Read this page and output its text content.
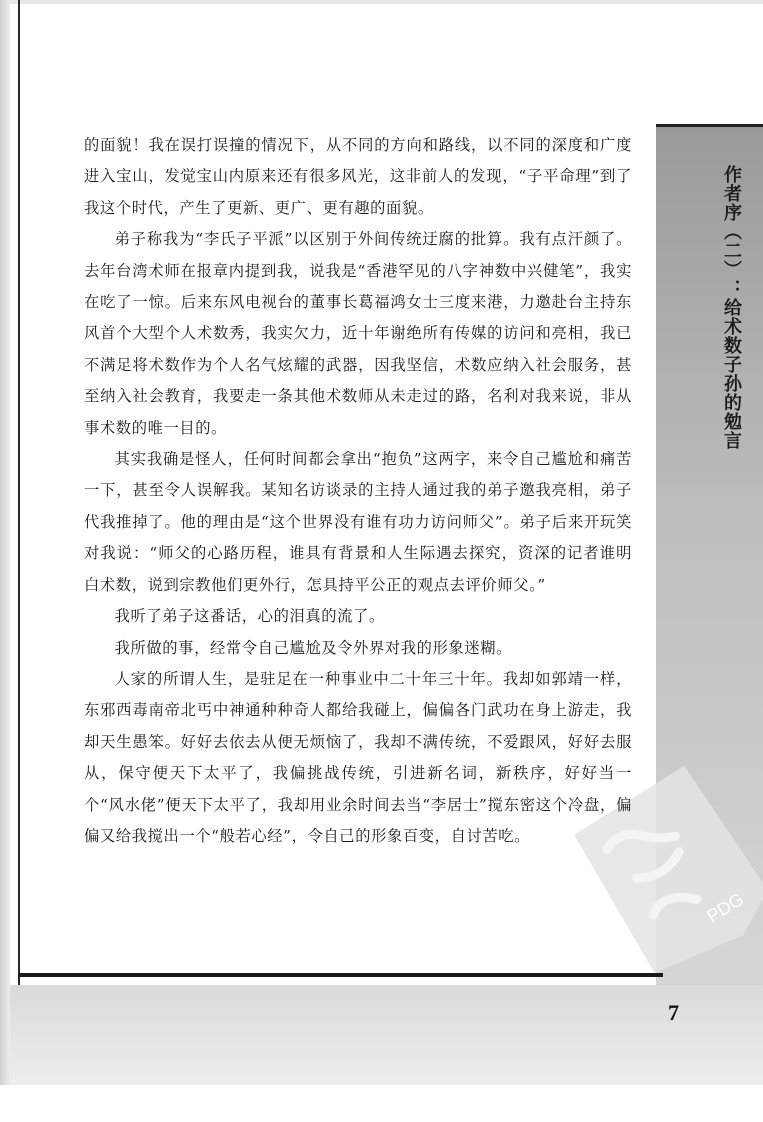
作者序（二）：给术数子孙的勉言
PDG

的面貌！我在误打误撞的情况下，从不同的方向和路线，以不同的深度和广度进入宝山，发觉宝山内原来还有很多风光，这非前人的发现，“子平命理”到了我这个时代，产生了更新、更广、更有趣的面貌。

弟子称我为“李氏子平派”以区别于外间传统迂腐的批算。我有点汗颜了。去年台湾术师在报章内提到我，说我是“香港罕见的八字神数中兴健笔”，我实在吃了一惊。后来东风电视台的董事长葛福鸿女士三度来港，力邀赴台主持东风首个大型个人术数秀，我实欠力，近十年谢绝所有传媒的访问和亮相，我已不满足将术数作为个人名气炫耀的武器，因我坚信，术数应纳入社会服务，甚至纳入社会教育，我要走一条其他术数师从未走过的路，名利对我来说，非从事术数的唯一目的。

其实我确是怪人，任何时间都会拿出“抱负”这两字，来令自己尴尬和痛苦一下，甚至令人误解我。某知名访谈录的主持人通过我的弟子邀我亮相，弟子代我推掉了。他的理由是“这个世界没有谁有功力访问师父”。弟子后来开玩笑对我说：“师父的心路历程，谁具有背景和人生际遇去探究，资深的记者谁明白术数，说到宗教他们更外行，怎具持平公正的观点去评价师父。”

我听了弟子这番话，心的泪真的流了。

我所做的事，经常令自己尴尬及令外界对我的形象迷糊。

人家的所谓人生，是驻足在一种事业中二十年三十年。我却如郭靖一样，东邪西毒南帝北丐中神通种种奇人都给我碰上，偏偏各门武功在身上游走，我却天生愚笨。好好去依去从便无烦恼了，我却不满传统，不爱跟风，好好去服从，保守便天下太平了，我偏挑战传统，引进新名词，新秩序，好好当一个“风水佬”便天下太平了，我却用业余时间去当“李居士”搅东密这个冷盘，偏偏又给我搅出一个“般若心经”，令自己的形象百变，自讨苦吃。

7
